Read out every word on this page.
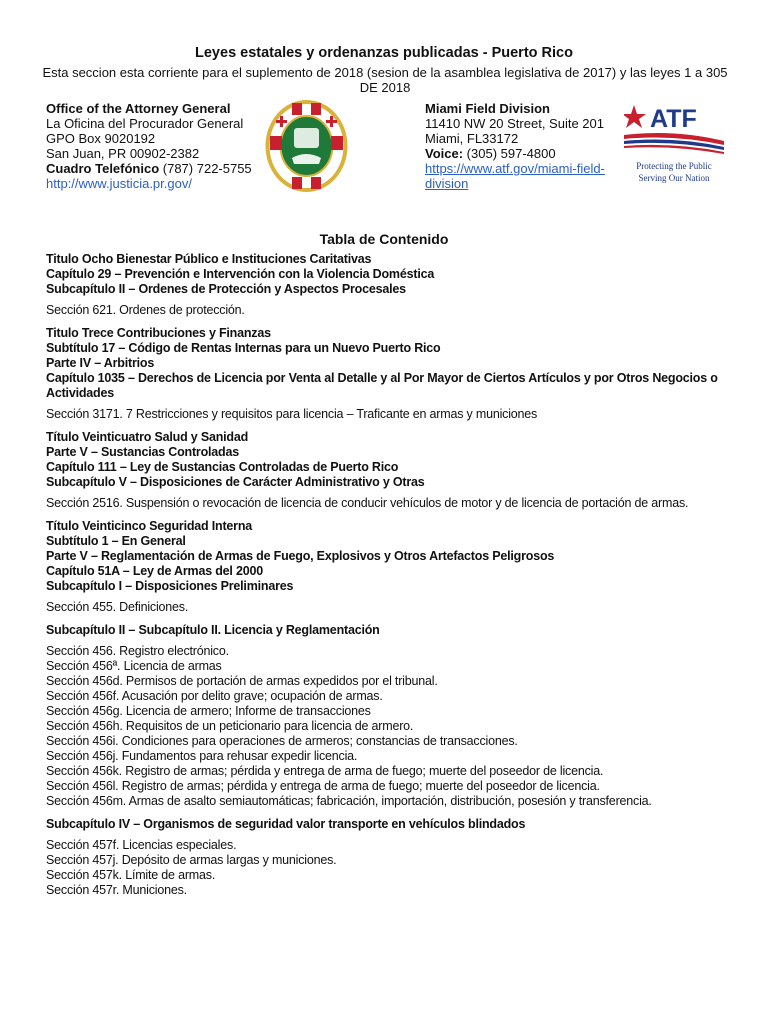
Leyes estatales y ordenanzas publicadas - Puerto Rico
Esta seccion esta corriente para el suplemento de 2018 (sesion de la asamblea legislativa de 2017) y las leyes 1 a 305 DE 2018
Office of the Attorney General
La Oficina del Procurador General
GPO Box 9020192
San Juan, PR 00902-2382
Cuadro Telefónico (787) 722-5755
http://www.justicia.pr.gov/
Miami Field Division
11410 NW 20 Street, Suite 201
Miami, FL33172
Voice: (305) 597-4800
https://www.atf.gov/miami-field-
division
ATF
Protecting the Public
Serving Our Nation
Tabla de Contenido
Titulo Ocho Bienestar Público e Instituciones Caritativas
Capítulo 29 – Prevención e Intervención con la Violencia Doméstica
Subcapítulo II – Ordenes de Protección y Aspectos Procesales
Sección 621. Ordenes de protección.
Titulo Trece Contribuciones y Finanzas
Subtítulo 17 – Código de Rentas Internas para un Nuevo Puerto Rico
Parte IV – Arbitrios
Capítulo 1035 – Derechos de Licencia por Venta al Detalle y al Por Mayor de Ciertos Artículos y por Otros Negocios o Actividades
Sección 3171. 7 Restricciones y requisitos para licencia – Traficante en armas y municiones
Título Veinticuatro Salud y Sanidad
Parte V – Sustancias Controladas
Capítulo 111 – Ley de Sustancias Controladas de Puerto Rico
Subcapítulo V – Disposiciones de Carácter Administrativo y Otras
Sección 2516. Suspensión o revocación de licencia de conducir vehículos de motor y de licencia de portación de armas.
Título Veinticinco Seguridad Interna
Subtítulo 1 – En General
Parte V – Reglamentación de Armas de Fuego, Explosivos y Otros Artefactos Peligrosos
Capítulo 51A – Ley de Armas del 2000
Subcapítulo I – Disposiciones Preliminares
Sección 455. Definiciones.
Subcapítulo II – Subcapítulo II. Licencia y Reglamentación
Sección 456. Registro electrónico.
Sección 456ª. Licencia de armas
Sección 456d. Permisos de portación de armas expedidos por el tribunal.
Sección 456f. Acusación por delito grave; ocupación de armas.
Sección 456g. Licencia de armero; Informe de transacciones
Sección 456h. Requisitos de un peticionario para licencia de armero.
Sección 456i. Condiciones para operaciones de armeros; constancias de transacciones.
Sección 456j. Fundamentos para rehusar expedir licencia.
Sección 456k. Registro de armas; pérdida y entrega de arma de fuego; muerte del poseedor de licencia.
Sección 456l. Registro de armas; pérdida y entrega de arma de fuego; muerte del poseedor de licencia.
Sección 456m. Armas de asalto semiautomáticas; fabricación, importación, distribución, posesión y transferencia.
Subcapítulo IV – Organismos de seguridad valor transporte en vehículos blindados
Sección 457f. Licencias especiales.
Sección 457j. Depósito de armas largas y municiones.
Sección 457k. Límite de armas.
Sección 457r. Municiones.
